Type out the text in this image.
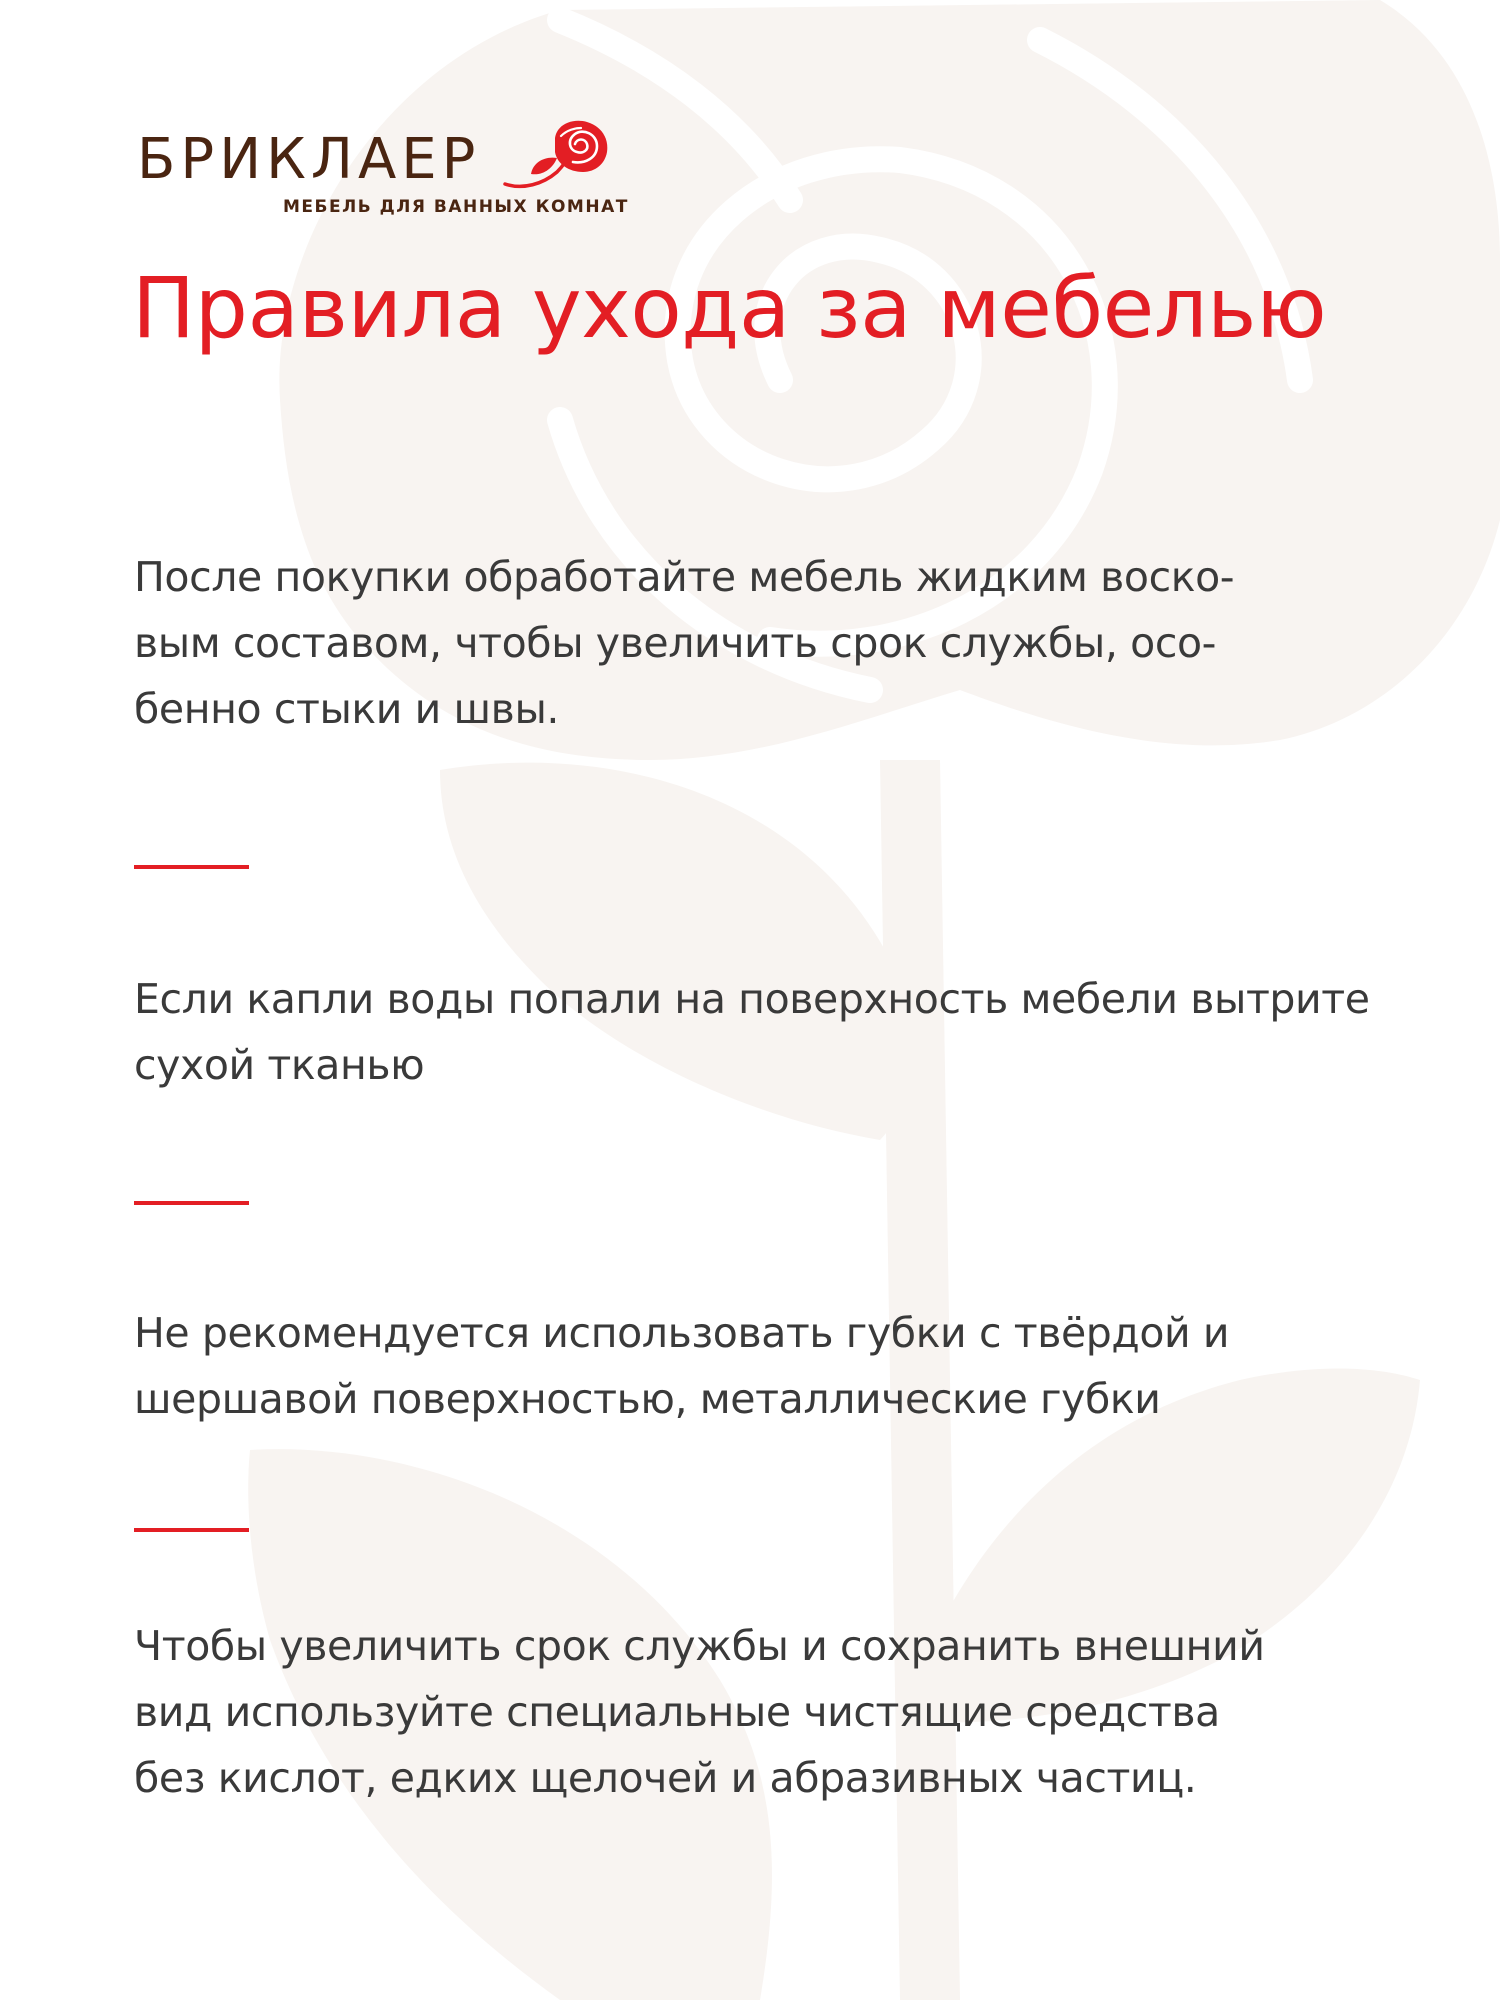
БРИКЛАЕР
МЕБЕЛЬ ДЛЯ ВАННЫХ КОМНАТ
Правила ухода за мебелью

После покупки обработайте мебель жидким воско-
вым составом, чтобы увеличить срок службы, осо-
бенно стыки и швы.

Если капли воды попали на поверхность мебели вытрите
сухой тканью

Не рекомендуется использовать губки с твёрдой и
шершавой поверхностью, металлические губки

Чтобы увеличить срок службы и сохранить внешний
вид используйте специальные чистящие средства
без кислот, едких щелочей и абразивных частиц.
